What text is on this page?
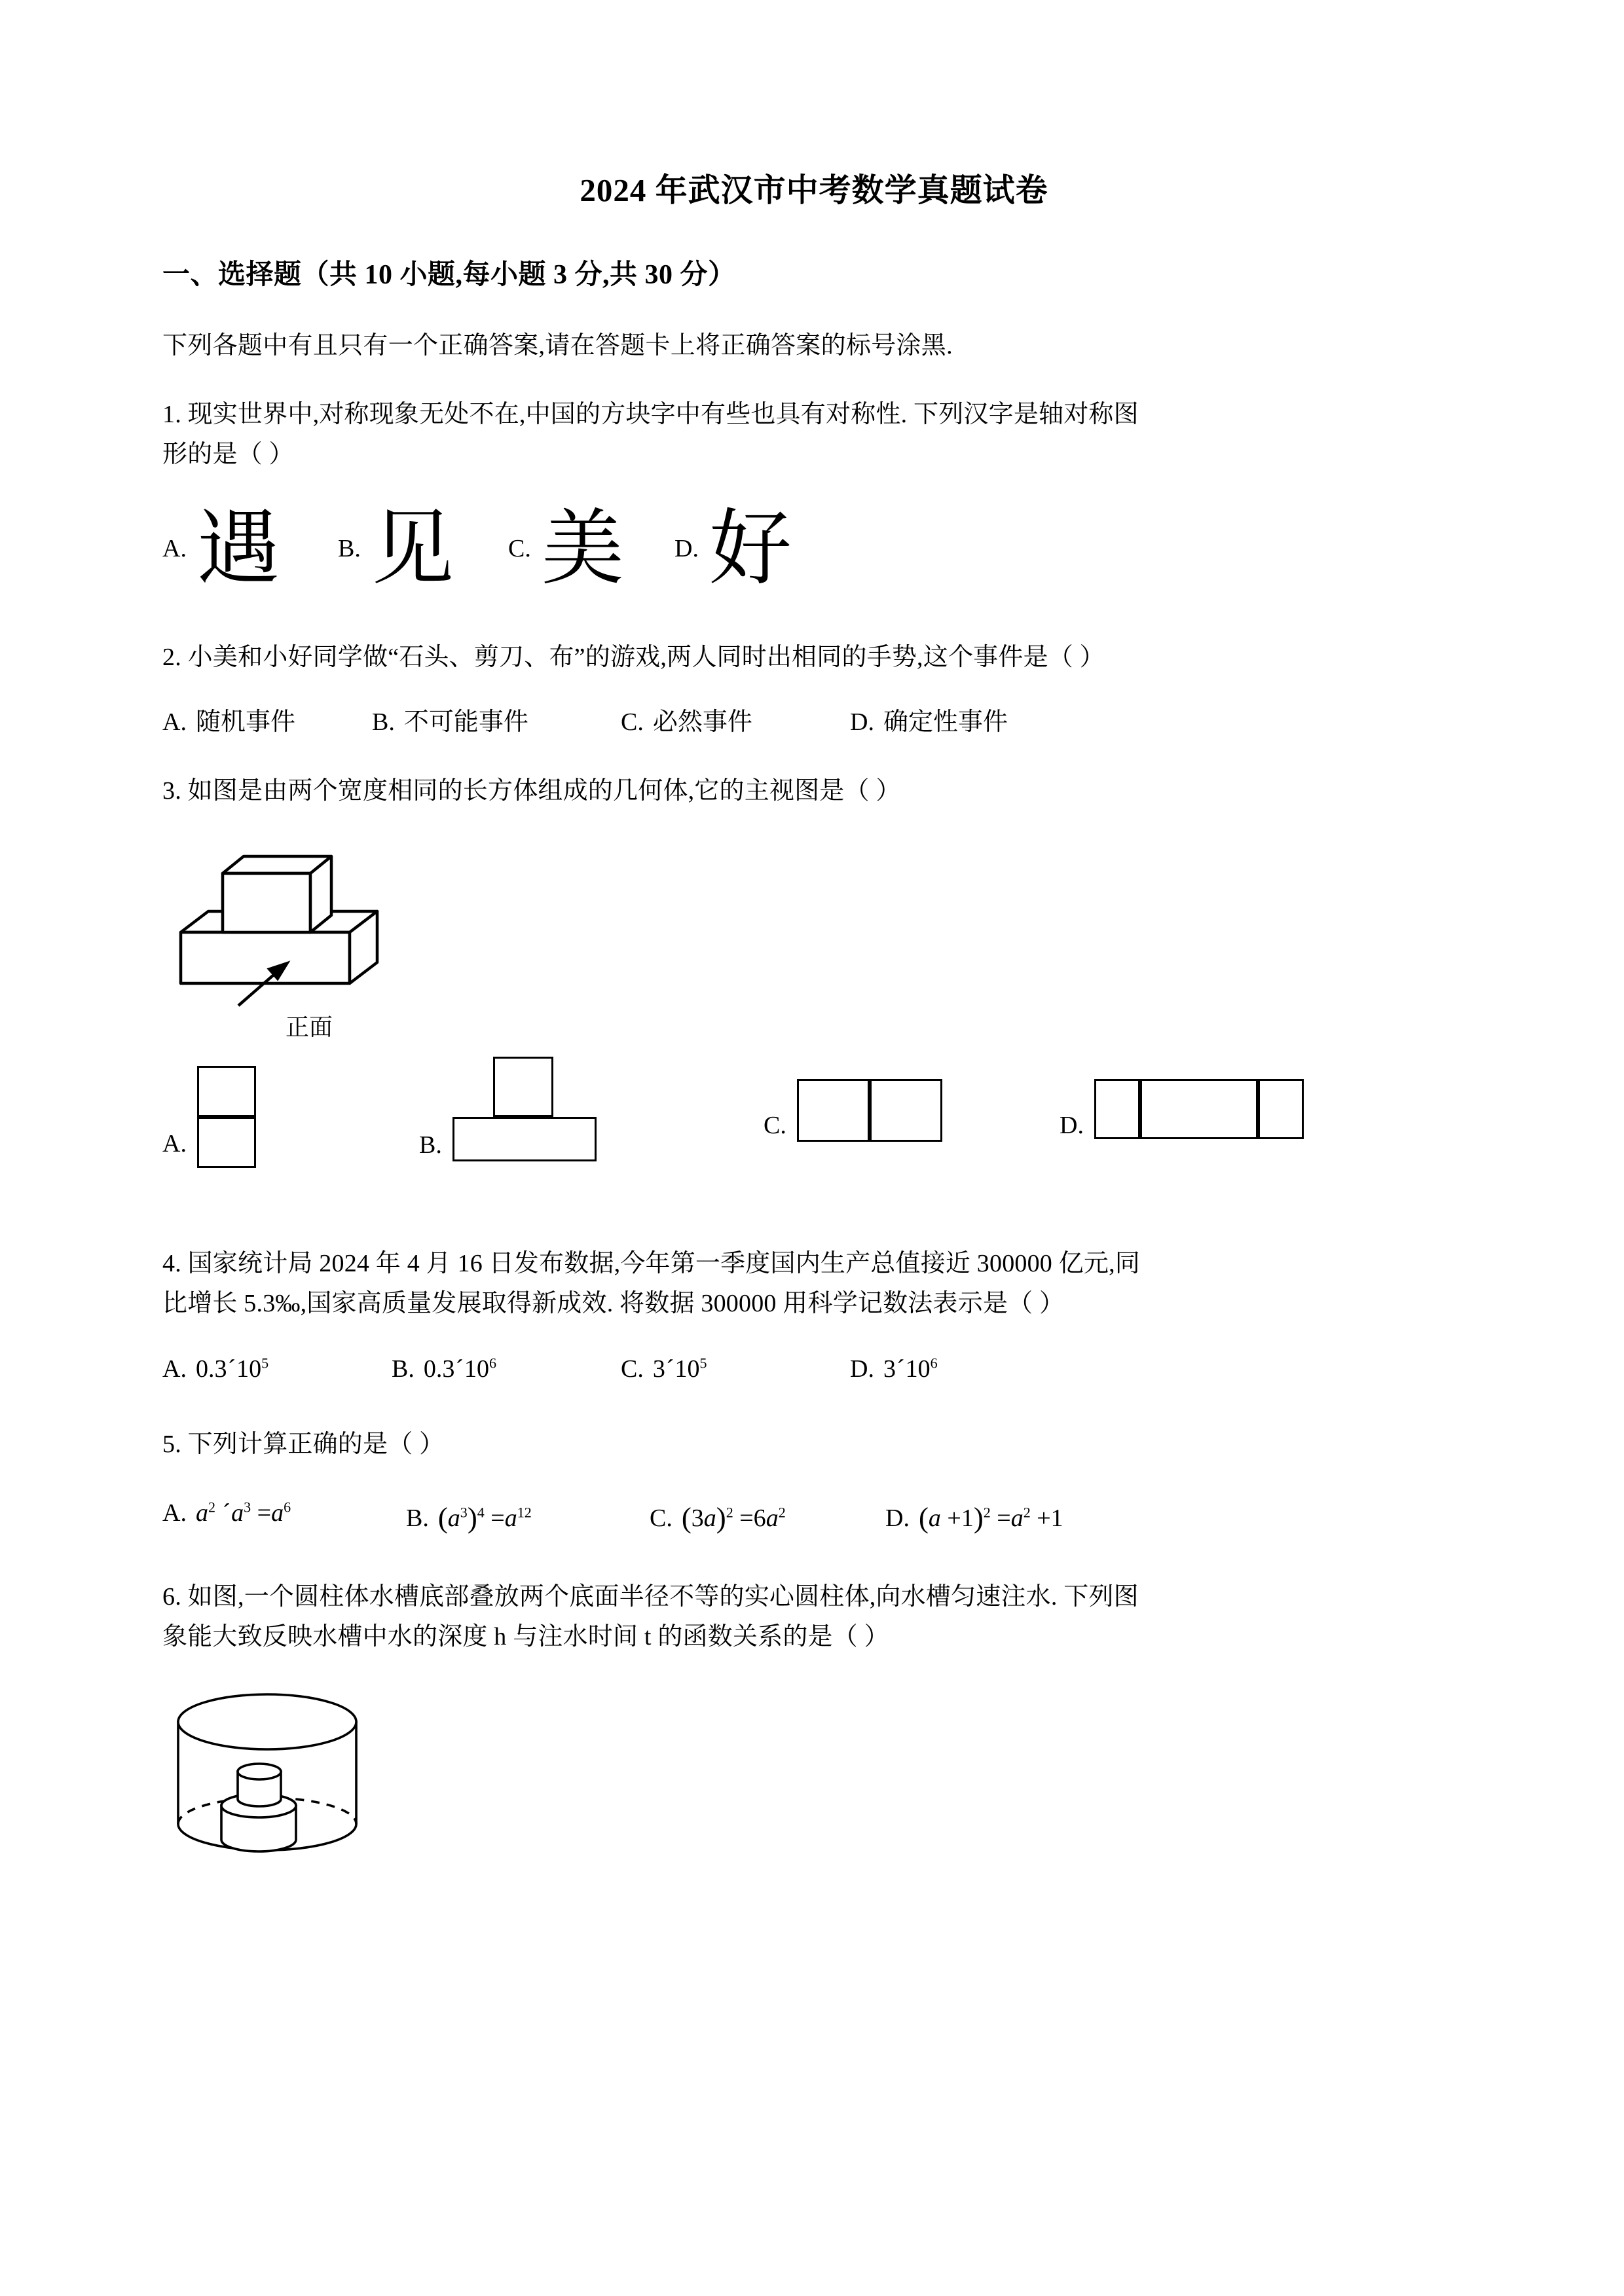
2024 年武汉市中考数学真题试卷
一、选择题（共 10 小题,每小题 3 分,共 30 分）
下列各题中有且只有一个正确答案,请在答题卡上将正确答案的标号涂黑.
1. 现实世界中,对称现象无处不在,中国的方块字中有些也具有对称性. 下列汉字是轴对称图
形的是（ ）
A. 遇 B. 见 C. 美 D. 好
2. 小美和小好同学做“石头、剪刀、布”的游戏,两人同时出相同的手势,这个事件是（ ）
A. 随机事件	B. 不可能事件	C. 必然事件	D. 确定性事件
3. 如图是由两个宽度相同的长方体组成的几何体,它的主视图是（ ）
正面
A.	B.
C.	D.
4. 国家统计局 2024 年 4 月 16 日发布数据,今年第一季度国内生产总值接近 300000 亿元,同
比增长 5.3‰,国家高质量发展取得新成效. 将数据 300000 用科学记数法表示是（ ）
A. $0.3´10^5$	B. $0.3´10^6$	C. $3´10^5$	D. $3´10^6$
5. 下列计算正确的是（ ）
A. $a^2$ $´a^3 =a^6$	B. $(a^3)^4 =a^{12}$	C. $(3a)^2 =6a^2$	D. $(a +1)^2 =a^2 +1$
6. 如图,一个圆柱体水槽底部叠放两个底面半径不等的实心圆柱体,向水槽匀速注水. 下列图
象能大致反映水槽中水的深度 h 与注水时间 t 的函数关系的是（ ）
